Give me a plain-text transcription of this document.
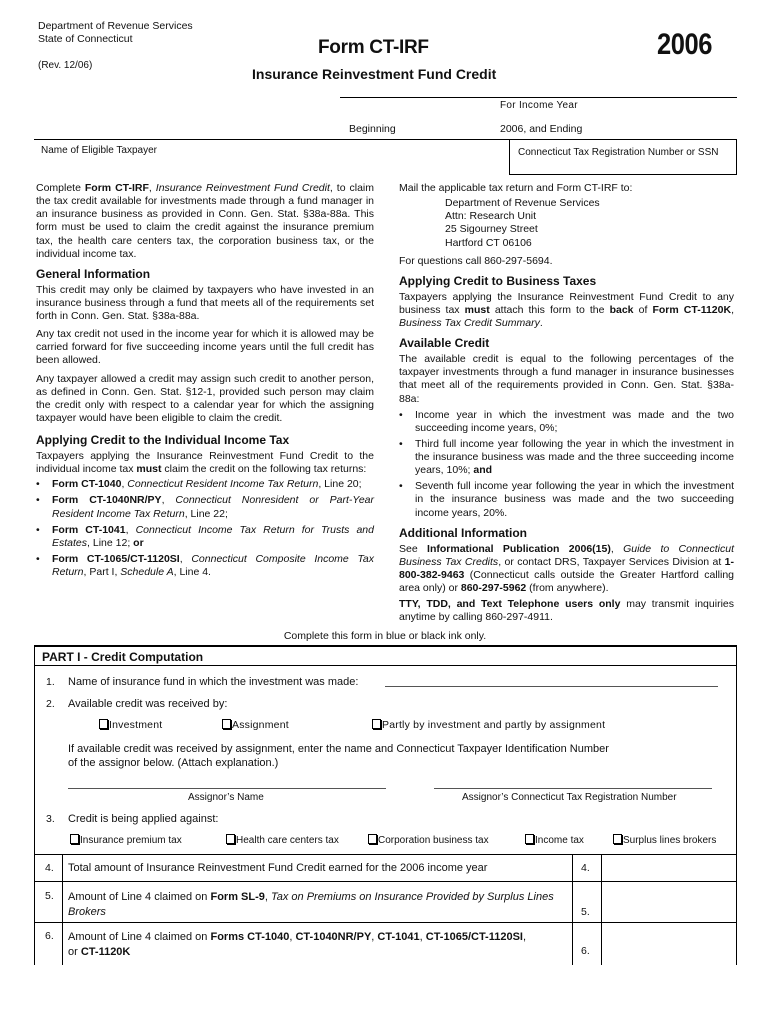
Department of Revenue Services
State of Connecticut
(Rev. 12/06)
Form CT-IRF
Insurance Reinvestment Fund Credit
2006
For Income Year
Beginning	2006, and Ending
Name of Eligible Taxpayer	Connecticut Tax Registration Number or SSN

Complete Form CT-IRF, Insurance Reinvestment Fund Credit, to claim the tax credit available for investments made through a fund manager in an insurance business as provided in Conn. Gen. Stat. §38a-88a. This form must be used to claim the credit against the insurance premium tax, the health care centers tax, the corporation business tax, or the individual income tax.

General Information

This credit may only be claimed by taxpayers who have invested in an insurance business through a fund that meets all of the requirements set forth in Conn. Gen. Stat. §38a-88a.

Any tax credit not used in the income year for which it is allowed may be carried forward for five succeeding income years until the full credit has been allowed.

Any taxpayer allowed a credit may assign such credit to another person, as defined in Conn. Gen. Stat. §12-1, provided such person may claim the credit only with respect to a calendar year for which the assigning taxpayer would have been eligible to claim the credit.

Applying Credit to the Individual Income Tax

Taxpayers applying the Insurance Reinvestment Fund Credit to the individual income tax must claim the credit on the following tax returns:

• Form CT-1040, Connecticut Resident Income Tax Return, Line 20;
• Form CT-1040NR/PY, Connecticut Nonresident or Part-Year Resident Income Tax Return, Line 22;
• Form CT-1041, Connecticut Income Tax Return for Trusts and Estates, Line 12; or
• Form CT-1065/CT-1120SI, Connecticut Composite Income Tax Return, Part I, Schedule A, Line 4.

Mail the applicable tax return and Form CT-IRF to:

Department of Revenue Services
Attn: Research Unit
25 Sigourney Street
Hartford CT 06106

For questions call 860-297-5694.

Applying Credit to Business Taxes

Taxpayers applying the Insurance Reinvestment Fund Credit to any business tax must attach this form to the back of Form CT-1120K, Business Tax Credit Summary.

Available Credit

The available credit is equal to the following percentages of the taxpayer investments through a fund manager in insurance businesses that meet all of the requirements provided in Conn. Gen. Stat. §38a-88a:

• Income year in which the investment was made and the two succeeding income years, 0%;
• Third full income year following the year in which the investment in the insurance business was made and the three succeeding income years, 10%; and
• Seventh full income year following the year in which the investment in the insurance business was made and the two succeeding income years, 20%.
Additional Information

See Informational Publication 2006(15), Guide to Connecticut Business Tax Credits, or contact DRS, Taxpayer Services Division at 1-800-382-9463 (Connecticut calls outside the Greater Hartford calling area only) or 860-297-5962 (from anywhere).

TTY, TDD, and Text Telephone users only may transmit inquiries anytime by calling 860-297-4911.

Complete this form in blue or black ink only.
PART I - Credit Computation
1. Name of insurance fund in which the investment was made:
2. Available credit was received by:
Investment	Assignment	Partly by investment and partly by assignment
If available credit was received by assignment, enter the name and Connecticut Taxpayer Identification Number
of the assignor below. (Attach explanation.)
Assignor’s Name	Assignor’s Connecticut Tax Registration Number
3. Credit is being applied against:
Insurance premium tax	Health care centers tax	Corporation business tax	Income tax	Surplus lines brokers
4. Total amount of Insurance Reinvestment Fund Credit earned for the 2006 income year	4.
5. Amount of Line 4 claimed on Form SL-9, Tax on Premiums on Insurance Provided by Surplus Lines Brokers	5.
6. Amount of Line 4 claimed on Forms CT-1040, CT-1040NR/PY, CT-1041, CT-1065/CT-1120SI,
or CT-1120K	6.
